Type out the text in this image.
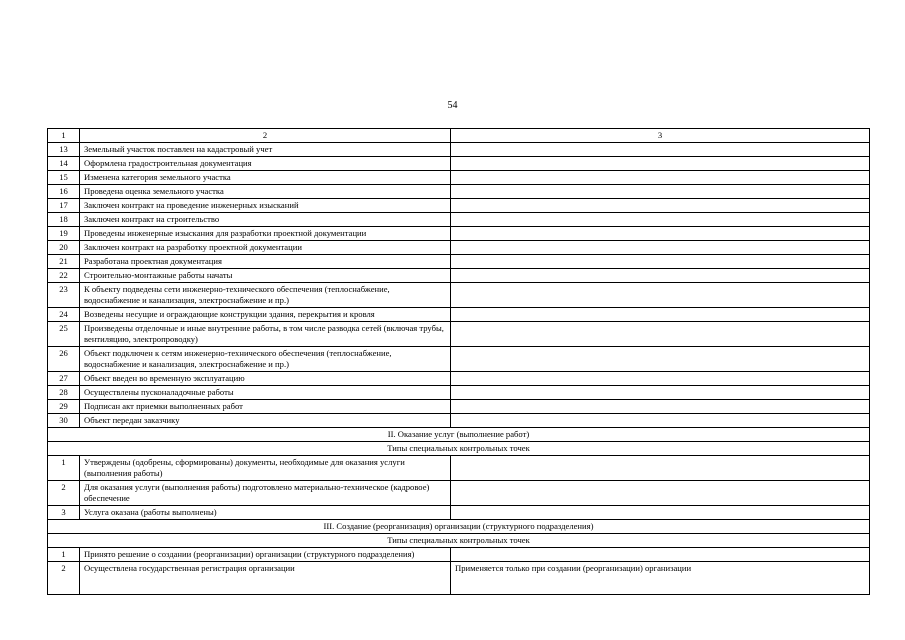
54
1	2	3
13	Земельный участок поставлен на кадастровый учет	
14	Оформлена градостроительная документация	
15	Изменена категория земельного участка	
16	Проведена оценка земельного участка	
17	Заключен контракт на проведение инженерных изысканий	
18	Заключен контракт на строительство	
19	Проведены инженерные изыскания для разработки проектной документации	
20	Заключен контракт на разработку проектной документации	
21	Разработана проектная документация	
22	Строительно-монтажные работы начаты	
23	К объекту подведены сети инженерно-технического обеспечения (теплоснабжение, водоснабжение и канализация, электроснабжение и пр.)	
24	Возведены несущие и ограждающие конструкции здания, перекрытия и кровля	
25	Произведены отделочные и иные внутренние работы, в том числе разводка сетей (включая трубы, вентиляцию, электропроводку)	
26	Объект подключен к сетям инженерно-технического обеспечения (теплоснабжение, водоснабжение и канализация, электроснабжение и пр.)	
27	Объект введен во временную эксплуатацию	
28	Осуществлены пусконаладочные работы	
29	Подписан акт приемки выполненных работ	
30	Объект передан заказчику	
II. Оказание услуг (выполнение работ)		
Типы специальных контрольных точек		
1	Утверждены (одобрены, сформированы) документы, необходимые для оказания услуги (выполнения работы)	
2	Для оказания услуги (выполнения работы) подготовлено материально-техническое (кадровое) обеспечение	
3	Услуга оказана (работы выполнены)	
III. Создание (реорганизация) организации (структурного подразделения)		
Типы специальных контрольных точек		
1	Принято решение о создании (реорганизации) организации (структурного подразделения)	
2	Осуществлена государственная регистрация организации	Применяется только при создании (реорганизации) организации
